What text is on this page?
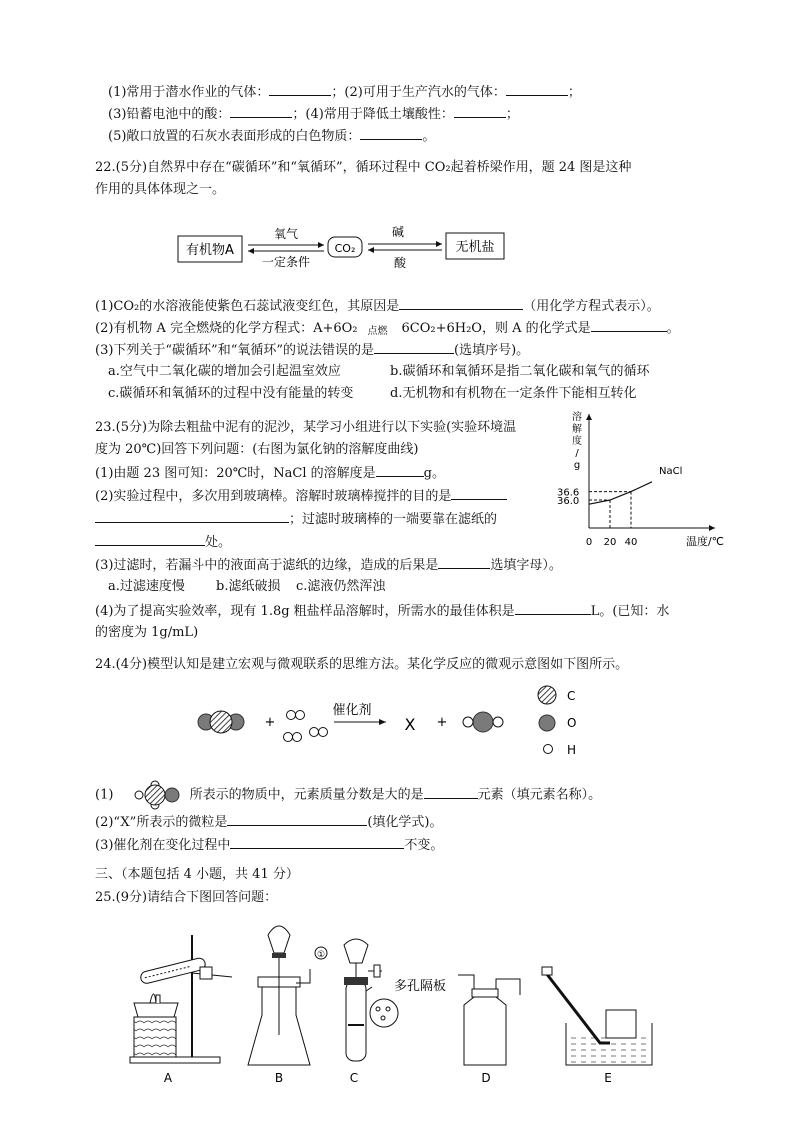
(1)常用于潜水作业的气体：	；(2)可用于生产汽水的气体：	；
(3)铅蓄电池中的酸：	；(4)常用于降低土壤酸性：	；
(5)敞口放置的石灰水表面形成的白色物质：	。
22.(5分)自然界中存在“碳循环”和“氧循环”，循环过程中 CO₂起着桥梁作用，题 24 图是这种
作用的具体体现之一。
有机物A	CO₂	无机盐
氧气
一定条件
碱
酸
(1)CO₂的水溶液能使紫色石蕊试液变红色，其原因是	（用化学方程式表示）。
(2)有机物 A 完全燃烧的化学方程式：A+6O₂ 点燃 6CO₂+6H₂O，则 A 的化学式是	。
(3)下列关于“碳循环”和“氧循环”的说法错误的是	(选填序号)。
a.空气中二氧化碳的增加会引起温室效应	b.碳循环和氧循环是指二氧化碳和氧气的循环
c.碳循环和氧循环的过程中没有能量的转变	d.无机物和有机物在一定条件下能相互转化
23.(5分)为除去粗盐中泥有的泥沙，某学习小组进行以下实验(实验环境温
度为 20℃)回答下列问题：(右图为氯化钠的溶解度曲线)
(1)由题 23 图可知：20℃时，NaCl 的溶解度是	g。
(2)实验过程中，多次用到玻璃棒。溶解时玻璃棒搅拌的目的是
；过滤时玻璃棒的一端要靠在滤纸的
处。
(3)过滤时，若漏斗中的液面高于滤纸的边缘，造成的后果是	选填字母）。
a.过滤速度慢 b.滤纸破损 c.滤液仍然浑浊
(4)为了提高实验效率，现有 1.8g 粗盐样品溶解时，所需水的最佳体积是	L。(已知：水
的密度为 1g/mL)
溶
解
度
/
g
温度/℃
36.6
36.0
0 20 40
NaCl
24.(4分)模型认知是建立宏观与微观联系的思维方法。某化学反应的微观示意图如下图所示。
+
催化剂
X +
C
O
H
(1)	所表示的物质中，元素质量分数是大的是	元素（填元素名称）。
(2)“X”所表示的微粒是	(填化学式)。
(3)催化剂在变化过程中	不变。
三、（本题包括 4 小题，共 41 分）
25.(9分)请结合下图回答问题：
A	B
①
多孔隔板
C	D	E
